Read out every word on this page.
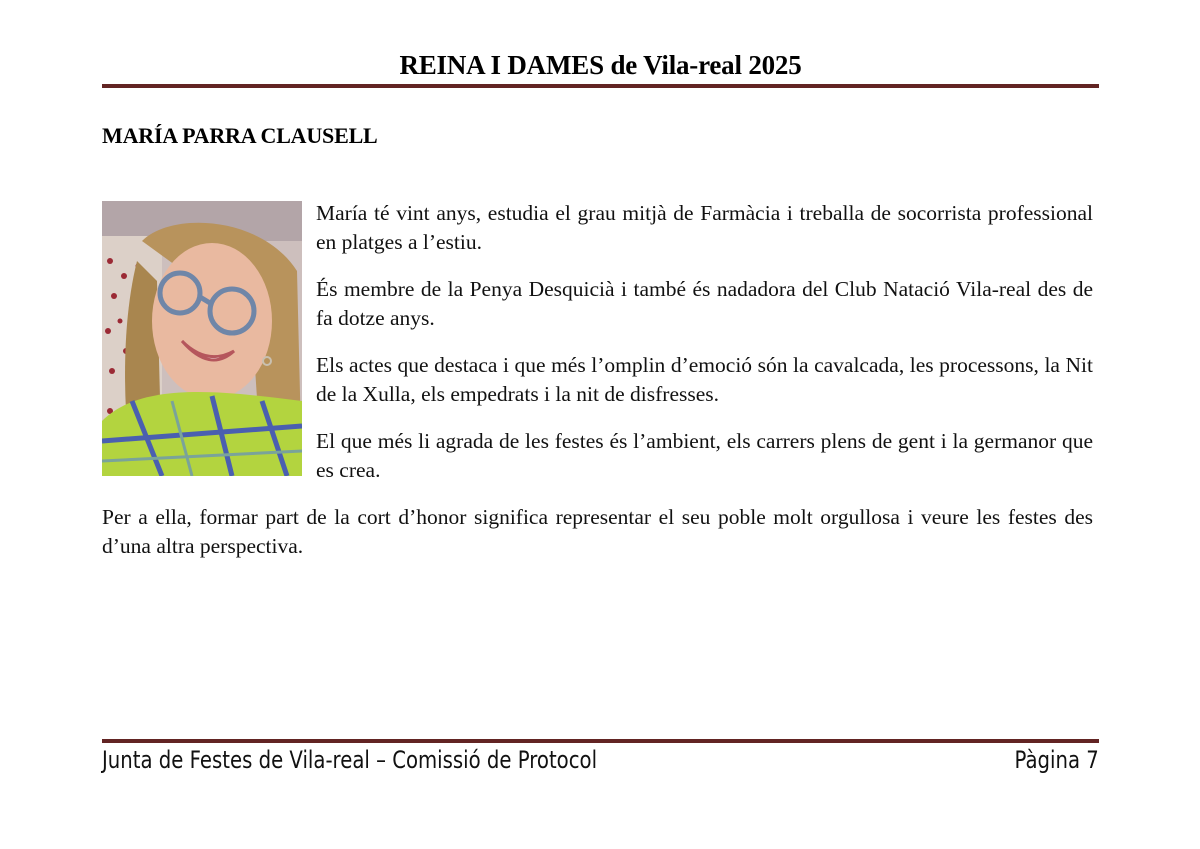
REINA I DAMES de Vila-real 2025
MARÍA PARRA CLAUSELL

María té vint anys, estudia el grau mitjà de Farmàcia i treballa de socorrista professional en platges a l’estiu.

És membre de la Penya Desquicià i també és nadadora del Club Natació Vila-real des de fa dotze anys.

Els actes que destaca i que més l’omplin d’emoció són la cavalcada, les processons, la Nit de la Xulla, els empedrats i la nit de disfresses.

El que més li agrada de les festes és l’ambient, els carrers plens de gent i la germanor que es crea.

Per a ella, formar part de la cort d’honor significa representar el seu poble molt orgullosa i veure les festes des d’una altra perspectiva.

Junta de Festes de Vila-real – Comissió de Protocol	Pàgina 7
